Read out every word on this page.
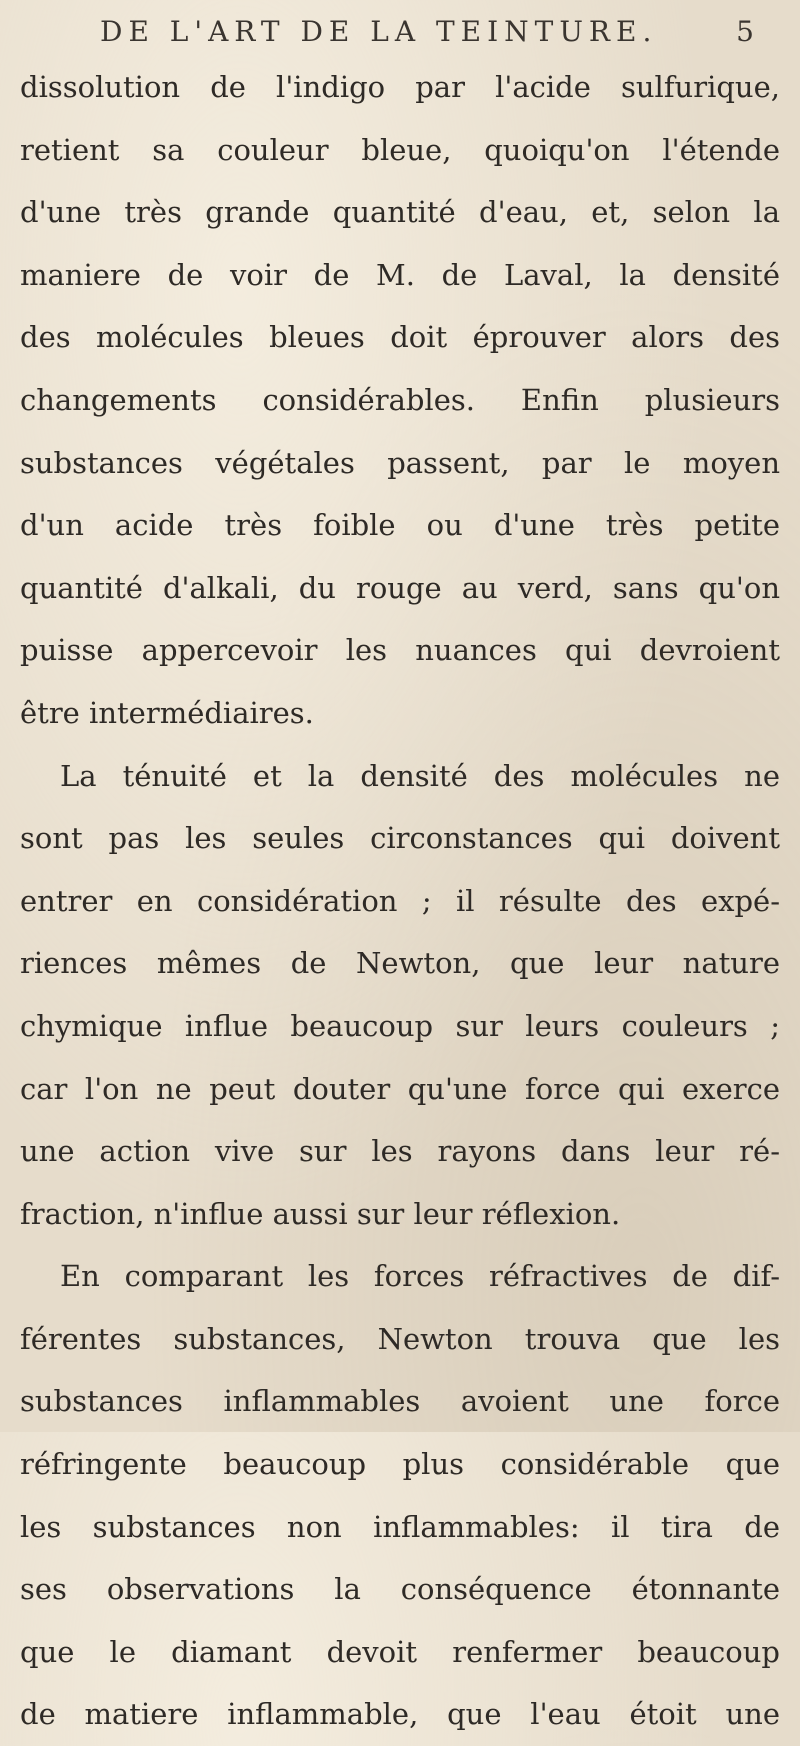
DE L'ART DE LA TEINTURE.	5
dissolution de l'indigo par l'acide sulfurique,
retient sa couleur bleue, quoiqu'on l'étende
d'une très grande quantité d'eau, et, selon la
maniere de voir de M. de Laval, la densité
des molécules bleues doit éprouver alors des
changements considérables. Enfin plusieurs
substances végétales passent, par le moyen
d'un acide très foible ou d'une très petite
quantité d'alkali, du rouge au verd, sans qu'on
puisse appercevoir les nuances qui devroient
être intermédiaires.
La ténuité et la densité des molécules ne
sont pas les seules circonstances qui doivent
entrer en considération ; il résulte des expé-
riences mêmes de Newton, que leur nature
chymique influe beaucoup sur leurs couleurs ;
car l'on ne peut douter qu'une force qui exerce
une action vive sur les rayons dans leur ré-
fraction, n'influe aussi sur leur réflexion.
En comparant les forces réfractives de dif-
férentes substances, Newton trouva que les
substances inflammables avoient une force
réfringente beaucoup plus considérable que
les substances non inflammables: il tira de
ses observations la conséquence étonnante
que le diamant devoit renfermer beaucoup
de matiere inflammable, que l'eau étoit une
